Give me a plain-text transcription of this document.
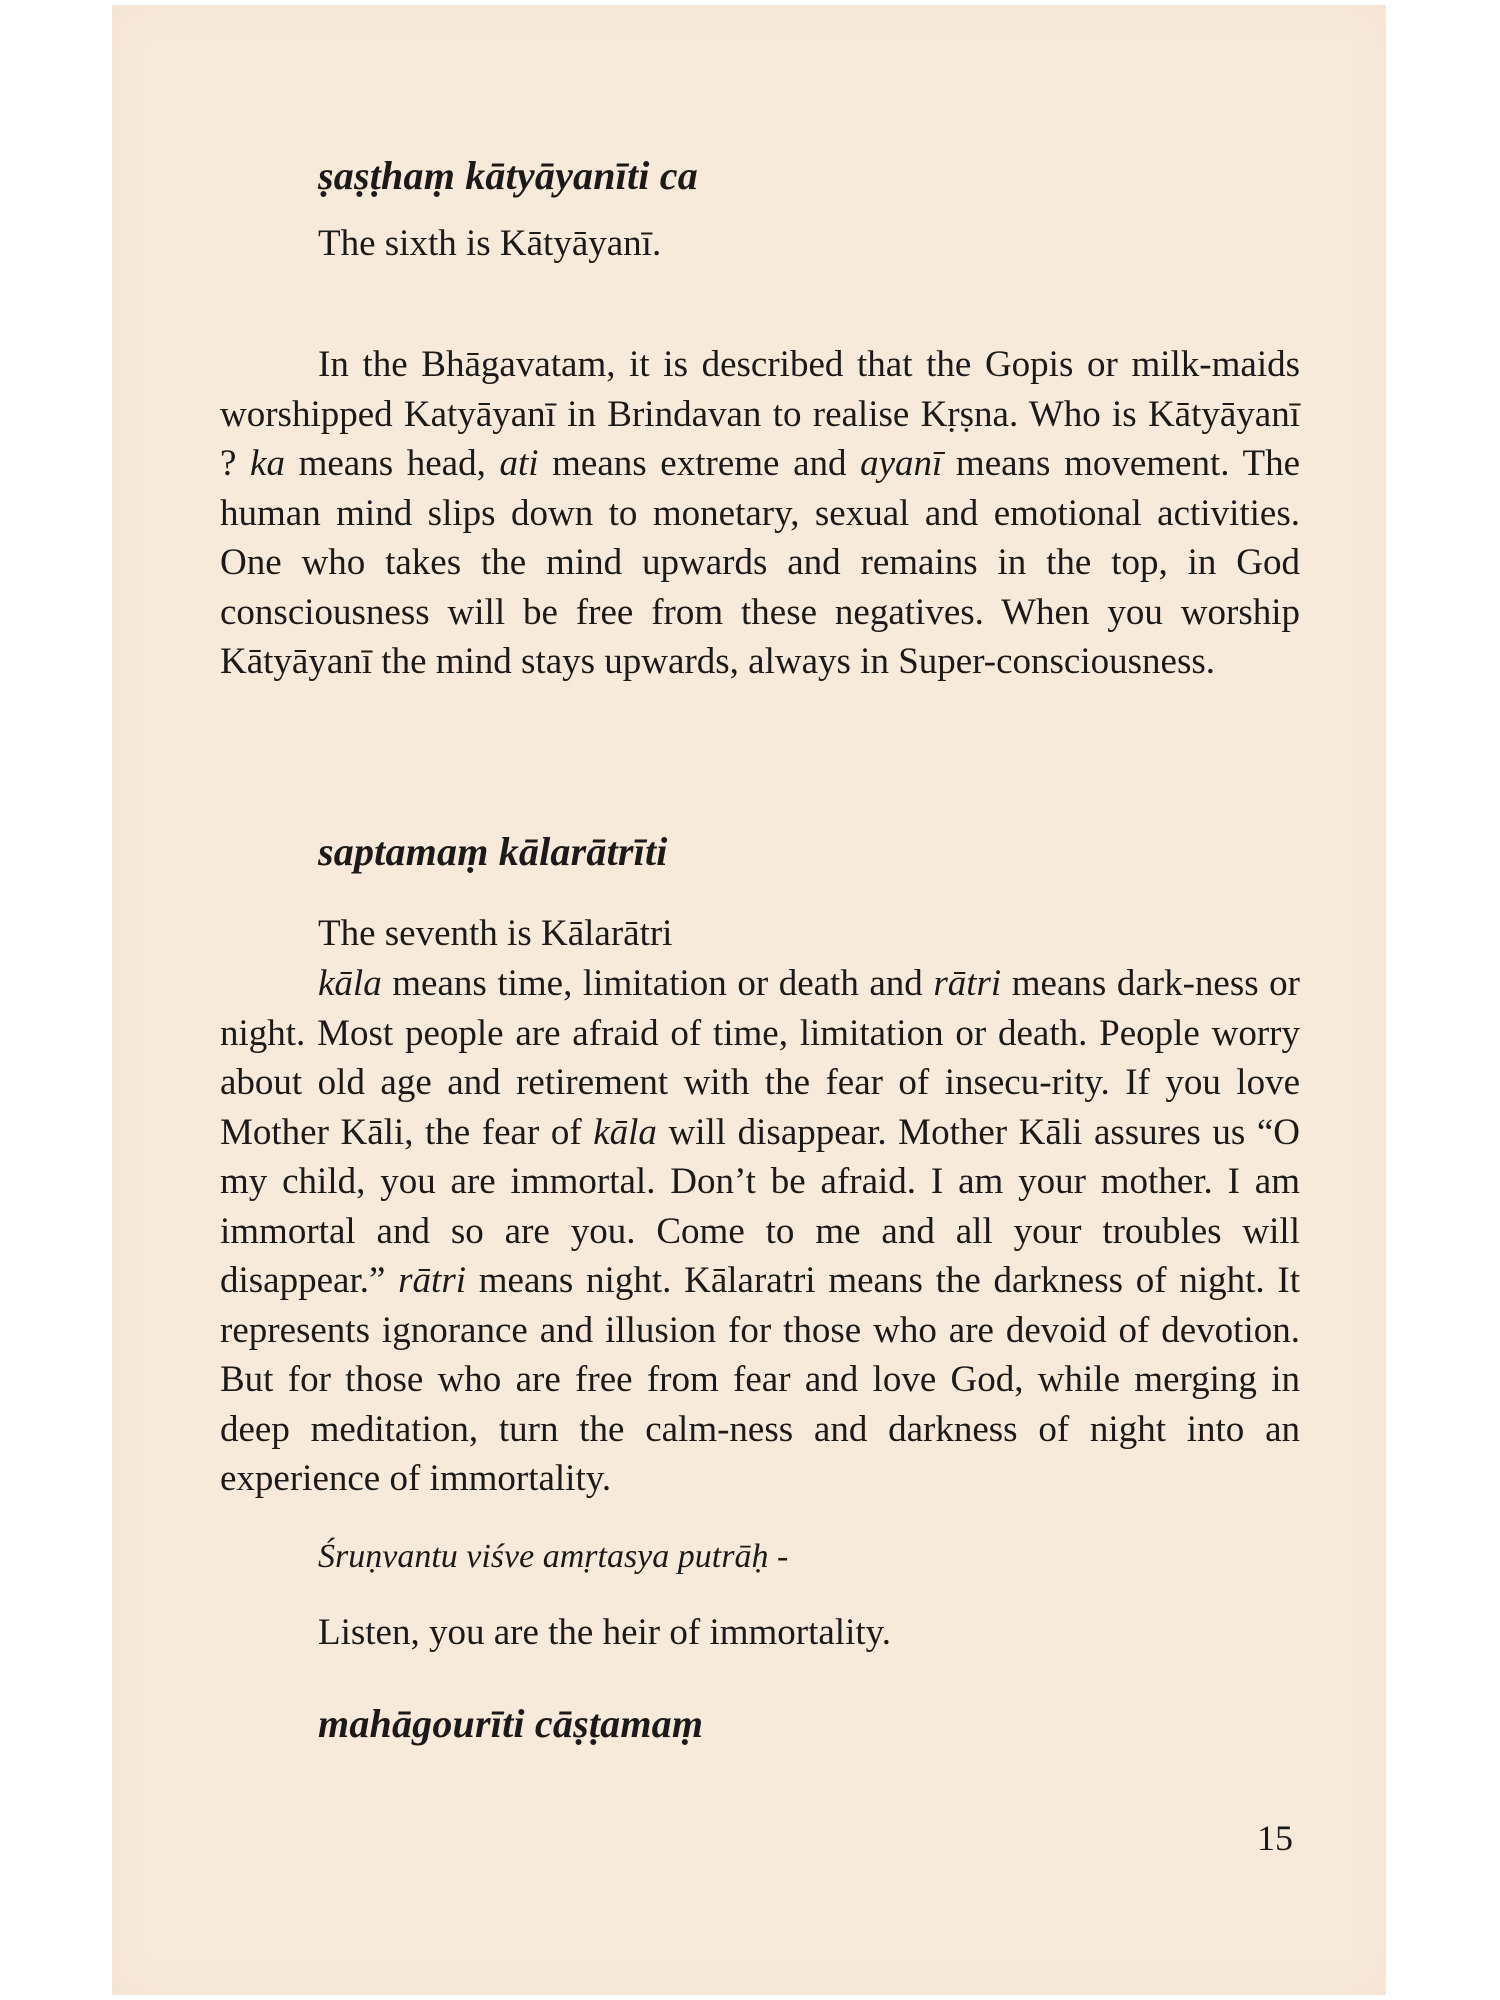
ṣaṣṭhaṃ kātyāyanīti ca
The sixth is Kātyāyanī.
In the Bhāgavatam, it is described that the Gopis or milk-maids worshipped Katyāyanī in Brindavan to realise Kṛṣna. Who is Kātyāyanī ? ka means head, ati means extreme and ayanī means movement. The human mind slips down to monetary, sexual and emotional activities. One who takes the mind upwards and remains in the top, in God consciousness will be free from these negatives. When you worship Kātyāyanī the mind stays upwards, always in Super-consciousness.
saptamaṃ kālarātrīti
The seventh is Kālarātri
kāla means time, limitation or death and rātri means dark-ness or night. Most people are afraid of time, limitation or death. People worry about old age and retirement with the fear of insecu-rity. If you love Mother Kāli, the fear of kāla will disappear. Mother Kāli assures us “O my child, you are immortal. Don’t be afraid. I am your mother. I am immortal and so are you. Come to me and all your troubles will disappear.” rātri means night. Kālaratri means the darkness of night. It represents ignorance and illusion for those who are devoid of devotion. But for those who are free from fear and love God, while merging in deep meditation, turn the calm-ness and darkness of night into an experience of immortality.
Śruṇvantu viśve amṛtasya putrāḥ -
Listen, you are the heir of immortality.
mahāgourīti cāṣṭamaṃ
15
